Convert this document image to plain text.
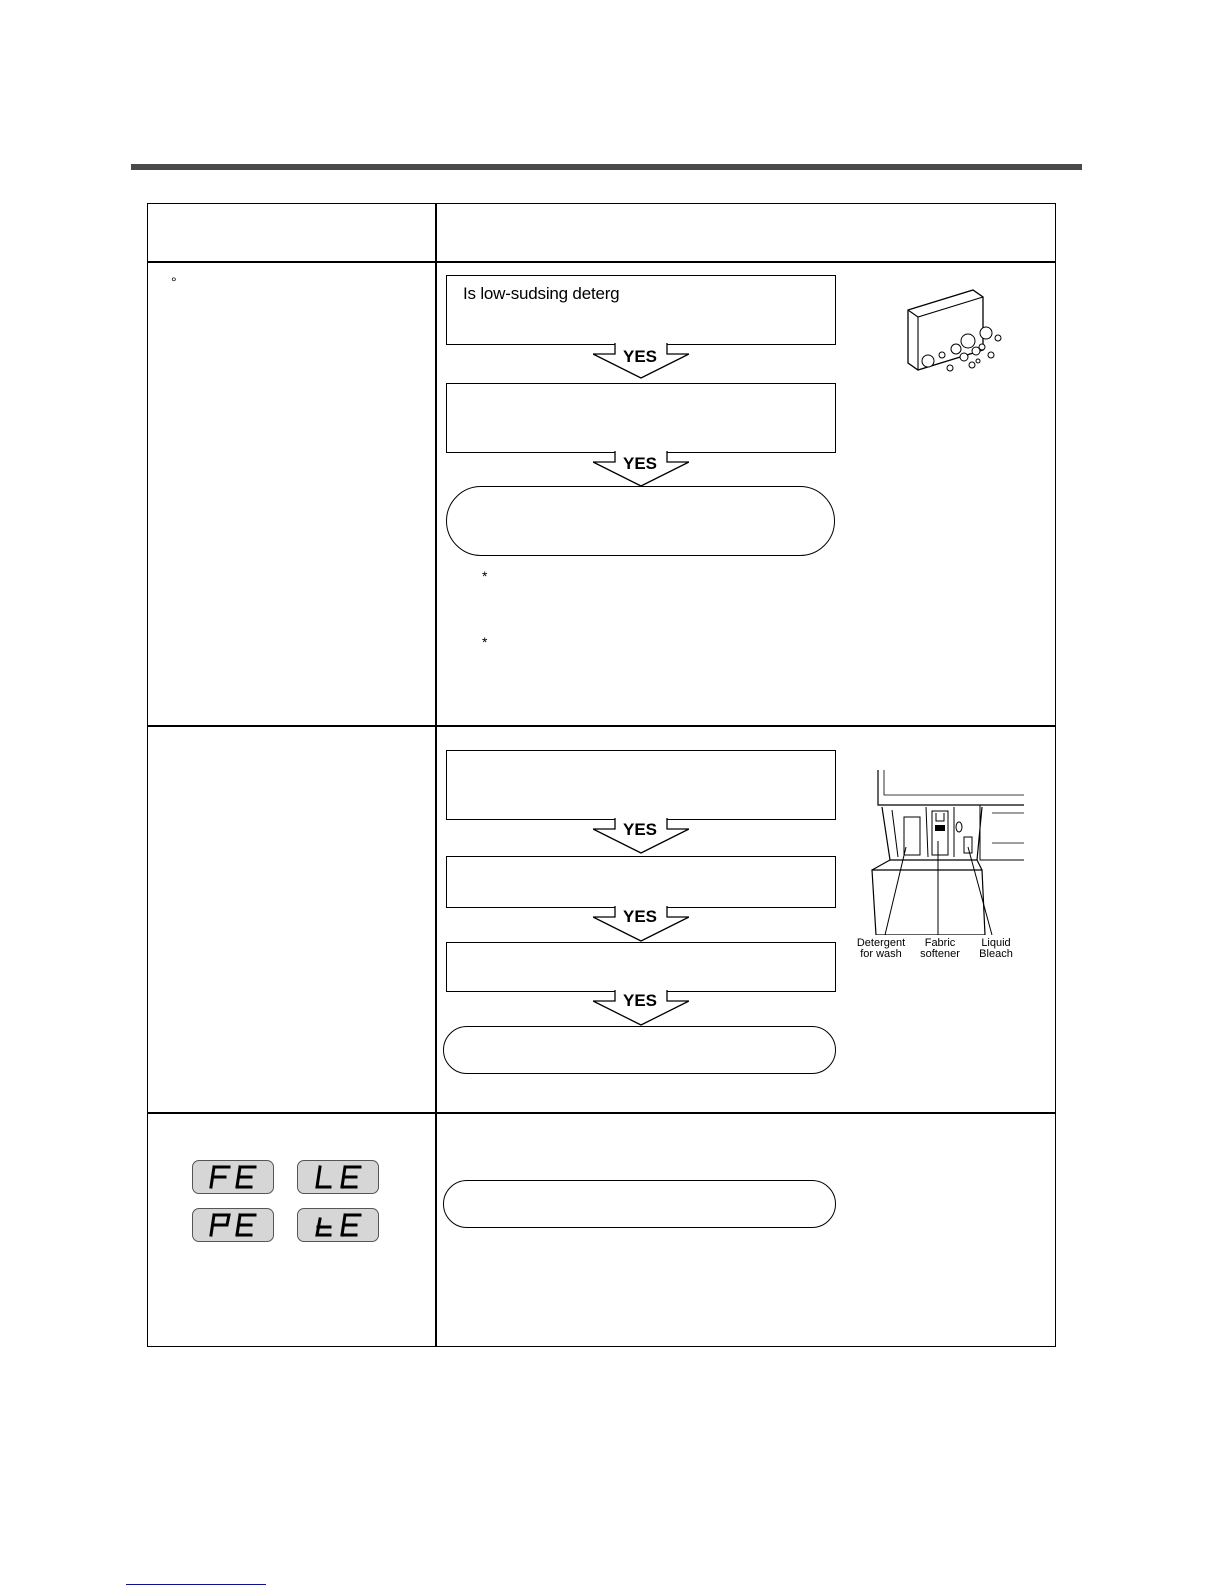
°
Is low-sudsing deterg
YES
YES
*
*
YES
YES
YES
Detergent
for wash
Fabric
softener
Liquid
Bleach
